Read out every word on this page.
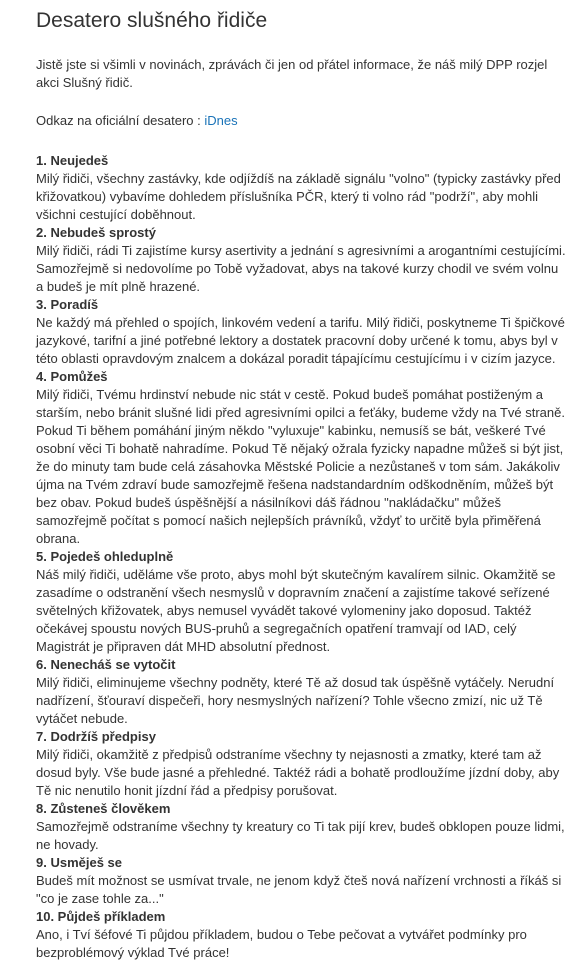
Desatero slušného řidiče

Jistě jste si všimli v novinách, zprávách či jen od přátel informace, že náš milý DPP rozjel akci Slušný řidič.

Odkaz na oficiální desatero : iDnes

1. Neujedeš
Milý řidiči, všechny zastávky, kde odjíždíš na základě signálu "volno" (typicky zastávky před křižovatkou) vybavíme dohledem příslušníka PČR, který ti volno rád "podrží", aby mohli všichni cestující doběhnout.
2. Nebudeš sprostý
Milý řidiči, rádi Ti zajistíme kursy asertivity a jednání s agresivními a arogantními cestujícími. Samozřejmě si nedovolíme po Tobě vyžadovat, abys na takové kurzy chodil ve svém volnu a budeš je mít plně hrazené.
3. Poradíš
Ne každý má přehled o spojích, linkovém vedení a tarifu. Milý řidiči, poskytneme Ti špičkové jazykové, tarifní a jiné potřebné lektory a dostatek pracovní doby určené k tomu, abys byl v této oblasti opravdovým znalcem a dokázal poradit tápajícímu cestujícímu i v cizím jazyce.
4. Pomůžeš
Milý řidiči, Tvému hrdinství nebude nic stát v cestě. Pokud budeš pomáhat postiženým a starším, nebo bránit slušné lidi před agresivními opilci a feťáky, budeme vždy na Tvé straně. Pokud Ti během pomáhání jiným někdo "vyluxuje" kabinku, nemusíš se bát, veškeré Tvé osobní věci Ti bohatě nahradíme. Pokud Tě nějaký ožrala fyzicky napadne můžeš si být jist, že do minuty tam bude celá zásahovka Městské Policie a nezůstaneš v tom sám. Jakákoliv újma na Tvém zdraví bude samozřejmě řešena nadstandardním odškodněním, můžeš být bez obav. Pokud budeš úspěšnější a násilníkovi dáš řádnou "nakládačku" můžeš samozřejmě počítat s pomocí našich nejlepších právníků, vždyť to určitě byla přiměřená obrana.
5. Pojedeš ohleduplně
Náš milý řidiči, uděláme vše proto, abys mohl být skutečným kavalírem silnic. Okamžitě se zasadíme o odstranění všech nesmyslů v dopravním značení a zajistíme takové seřízené světelných křižovatek, abys nemusel vyvádět takové vylomeniny jako doposud. Taktéž očekávej spoustu nových BUS-pruhů a segregačních opatření tramvají od IAD, celý Magistrát je připraven dát MHD absolutní přednost.
6. Nenecháš se vytočit
Milý řidiči, eliminujeme všechny podněty, které Tě až dosud tak úspěšně vytáčely. Nerudní nadřízení, šťouraví dispečeři, hory nesmyslných nařízení? Tohle všecno zmizí, nic už Tě vytáčet nebude.
7. Dodržíš předpisy
Milý řidiči, okamžitě z předpisů odstraníme všechny ty nejasnosti a zmatky, které tam až dosud byly. Vše bude jasné a přehledné. Taktéž rádi a bohatě prodloužíme jízdní doby, aby Tě nic nenutilo honit jízdní řád a předpisy porušovat.
8. Zůsteneš člověkem
Samozřejmě odstraníme všechny ty kreatury co Ti tak pijí krev, budeš obklopen pouze lidmi, ne hovady.
9. Usměješ se
Budeš mít možnost se usmívat trvale, ne jenom když čteš nová nařízení vrchnosti a říkáš si "co je zase tohle za..."
10. Půjdeš příkladem
Ano, i Tví šéfové Ti půjdou příkladem, budou o Tebe pečovat a vytvářet podmínky pro bezproblémový výklad Tvé práce!
